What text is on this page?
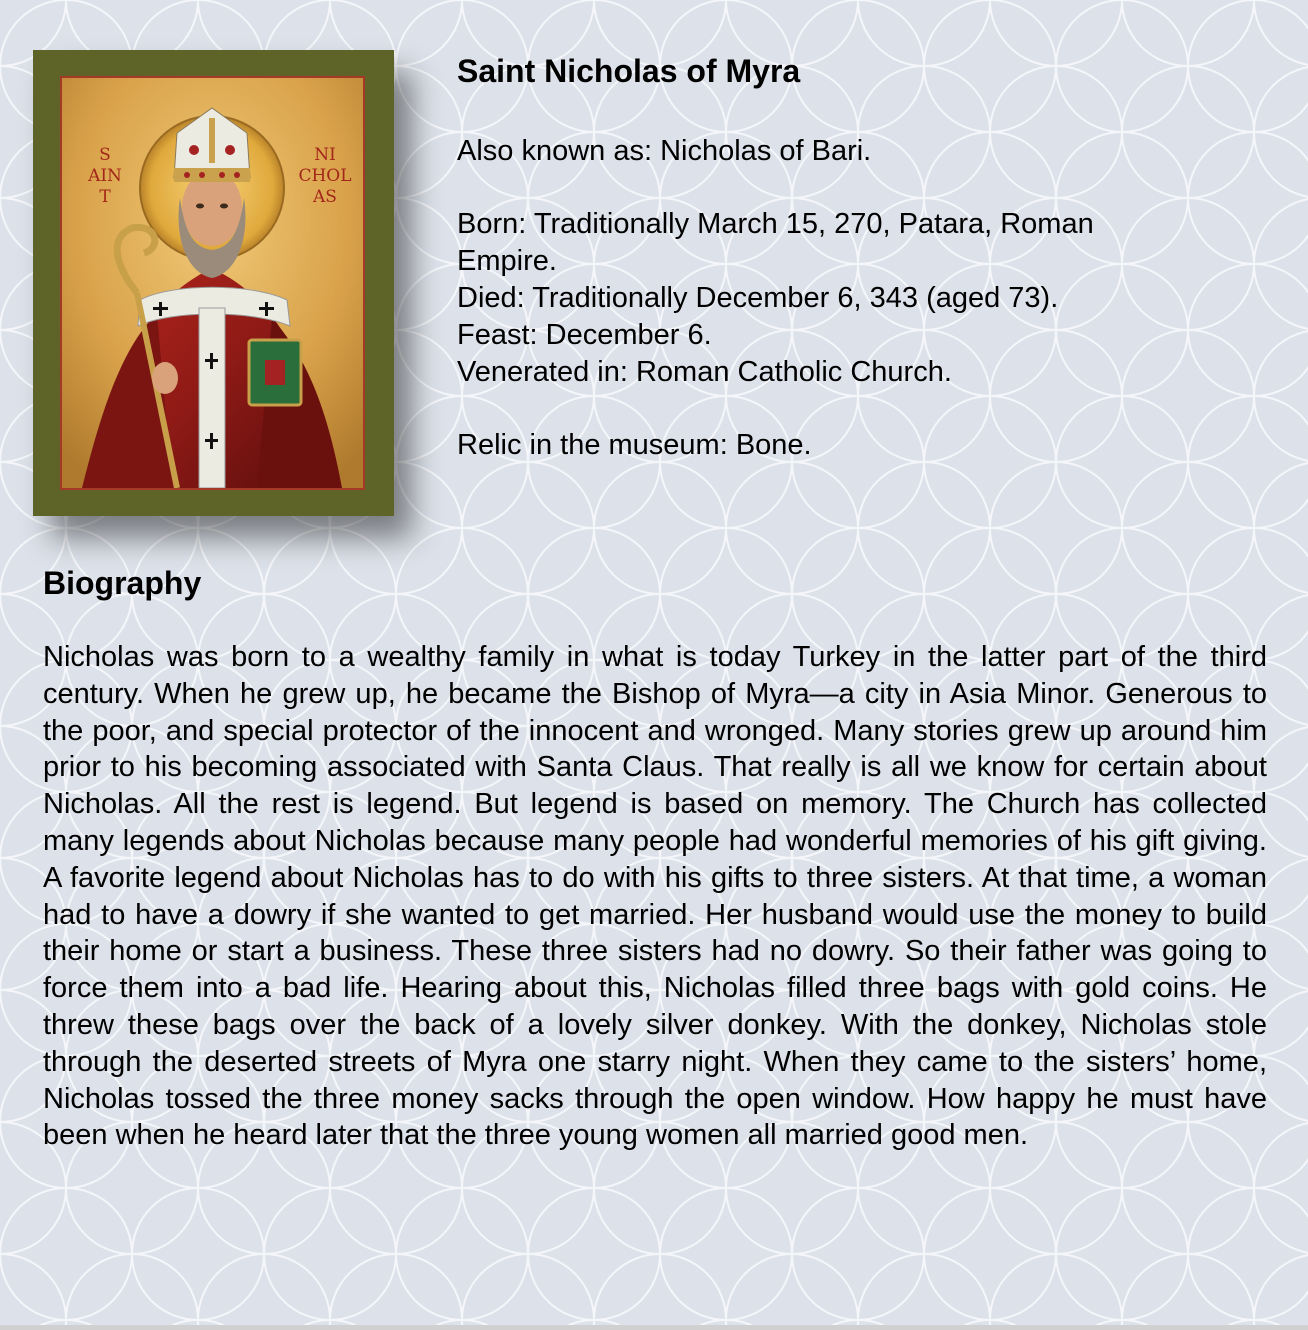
S
AIN
T
NI
CHOL
AS
Saint Nicholas of Myra

Also known as: Nicholas of Bari.

Born: Traditionally March 15, 270, Patara, Roman Empire.
Died: Traditionally December 6, 343 (aged 73).
Feast: December 6.
Venerated in: Roman Catholic Church.

Relic in the museum: Bone.

Biography

Nicholas was born to a wealthy family in what is today Turkey in the latter part of the third century. When he grew up, he became the Bishop of Myra—a city in Asia Minor. Generous to the poor, and special protector of the innocent and wronged. Many stories grew up around him prior to his becoming associated with Santa Claus. That really is all we know for certain about Nicholas. All the rest is legend. But legend is based on memory. The Church has collected many legends about Nicholas because many people had wonderful memories of his gift giving. A favorite legend about Nicholas has to do with his gifts to three sisters. At that time, a woman had to have a dowry if she wanted to get married. Her husband would use the money to build their home or start a business. These three sisters had no dowry. So their father was going to force them into a bad life. Hearing about this, Nicholas filled three bags with gold coins. He threw these bags over the back of a lovely silver donkey. With the donkey, Nicholas stole through the deserted streets of Myra one starry night. When they came to the sisters’ home, Nicholas tossed the three money sacks through the open window. How happy he must have been when he heard later that the three young women all married good men.
